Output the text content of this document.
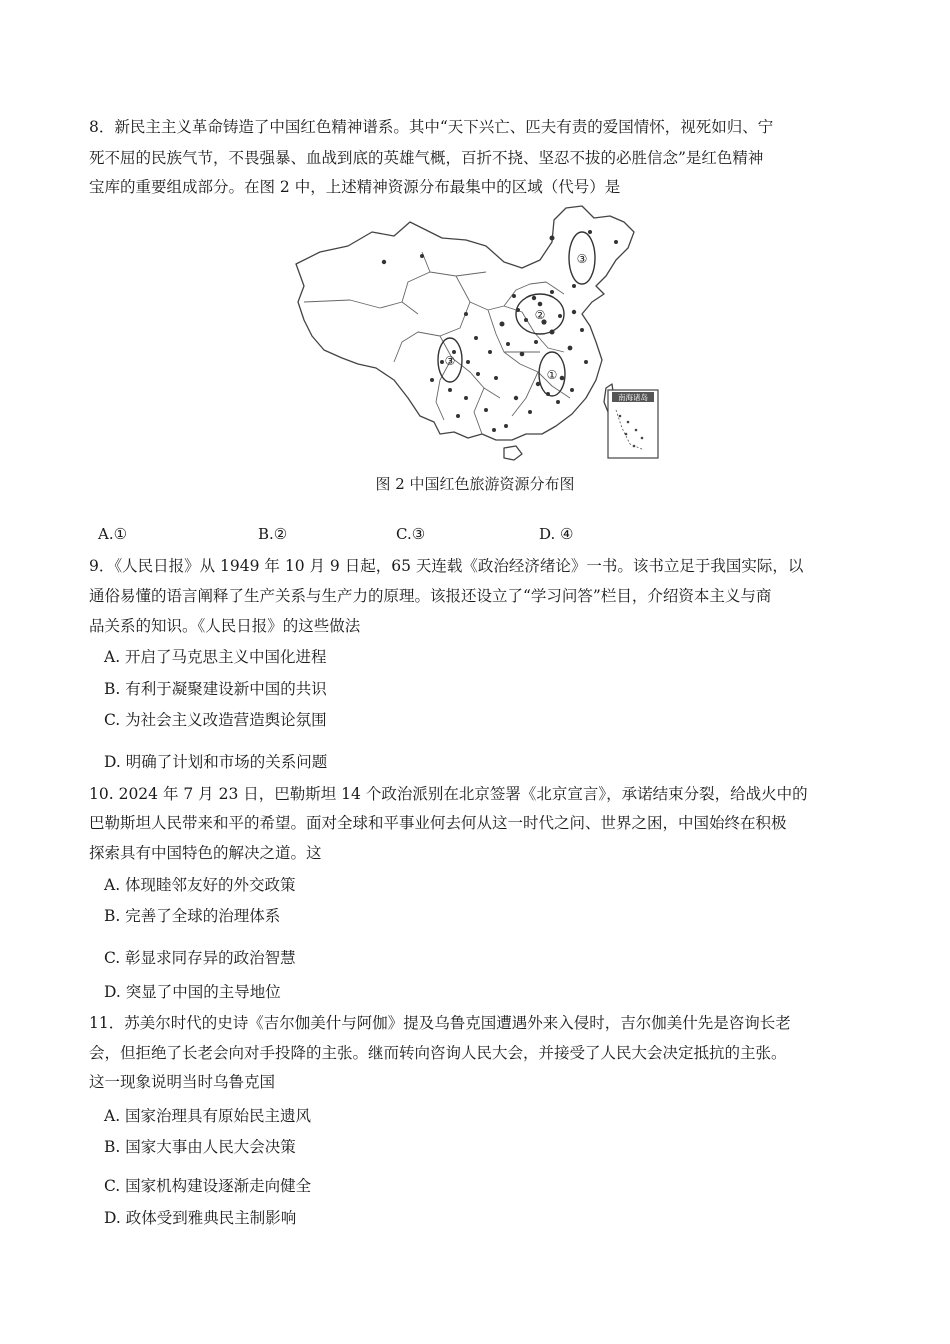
8．新民主主义革命铸造了中国红色精神谱系。其中“天下兴亡、匹夫有责的爱国情怀，视死如归、宁
死不屈的民族气节，不畏强暴、血战到底的英雄气概，百折不挠、坚忍不拔的必胜信念”是红色精神
宝库的重要组成部分。在图 2 中，上述精神资源分布最集中的区域（代号）是
③
②
③
①
南海诸岛
图 2 中国红色旅游资源分布图
A.①	B.②	C.③	D. ④
9．《人民日报》从 1949 年 10 月 9 日起，65 天连载《政治经济绪论》一书。该书立足于我国实际，以
通俗易懂的语言阐释了生产关系与生产力的原理。该报还设立了“学习问答”栏目，介绍资本主义与商
品关系的知识。《人民日报》的这些做法
A. 开启了马克思主义中国化进程
B. 有利于凝聚建设新中国的共识
C. 为社会主义改造营造舆论氛围
D. 明确了计划和市场的关系问题
10. 2024 年 7 月 23 日，巴勒斯坦 14 个政治派别在北京签署《北京宣言》，承诺结束分裂，给战火中的
巴勒斯坦人民带来和平的希望。面对全球和平事业何去何从这一时代之问、世界之困，中国始终在积极
探索具有中国特色的解决之道。这
A. 体现睦邻友好的外交政策
B. 完善了全球的治理体系
C. 彰显求同存异的政治智慧
D. 突显了中国的主导地位
11．苏美尔时代的史诗《吉尔伽美什与阿伽》提及乌鲁克国遭遇外来入侵时，吉尔伽美什先是咨询长老
会，但拒绝了长老会向对手投降的主张。继而转向咨询人民大会，并接受了人民大会决定抵抗的主张。
这一现象说明当时乌鲁克国
A. 国家治理具有原始民主遗风
B. 国家大事由人民大会决策
C. 国家机构建设逐渐走向健全
D. 政体受到雅典民主制影响
